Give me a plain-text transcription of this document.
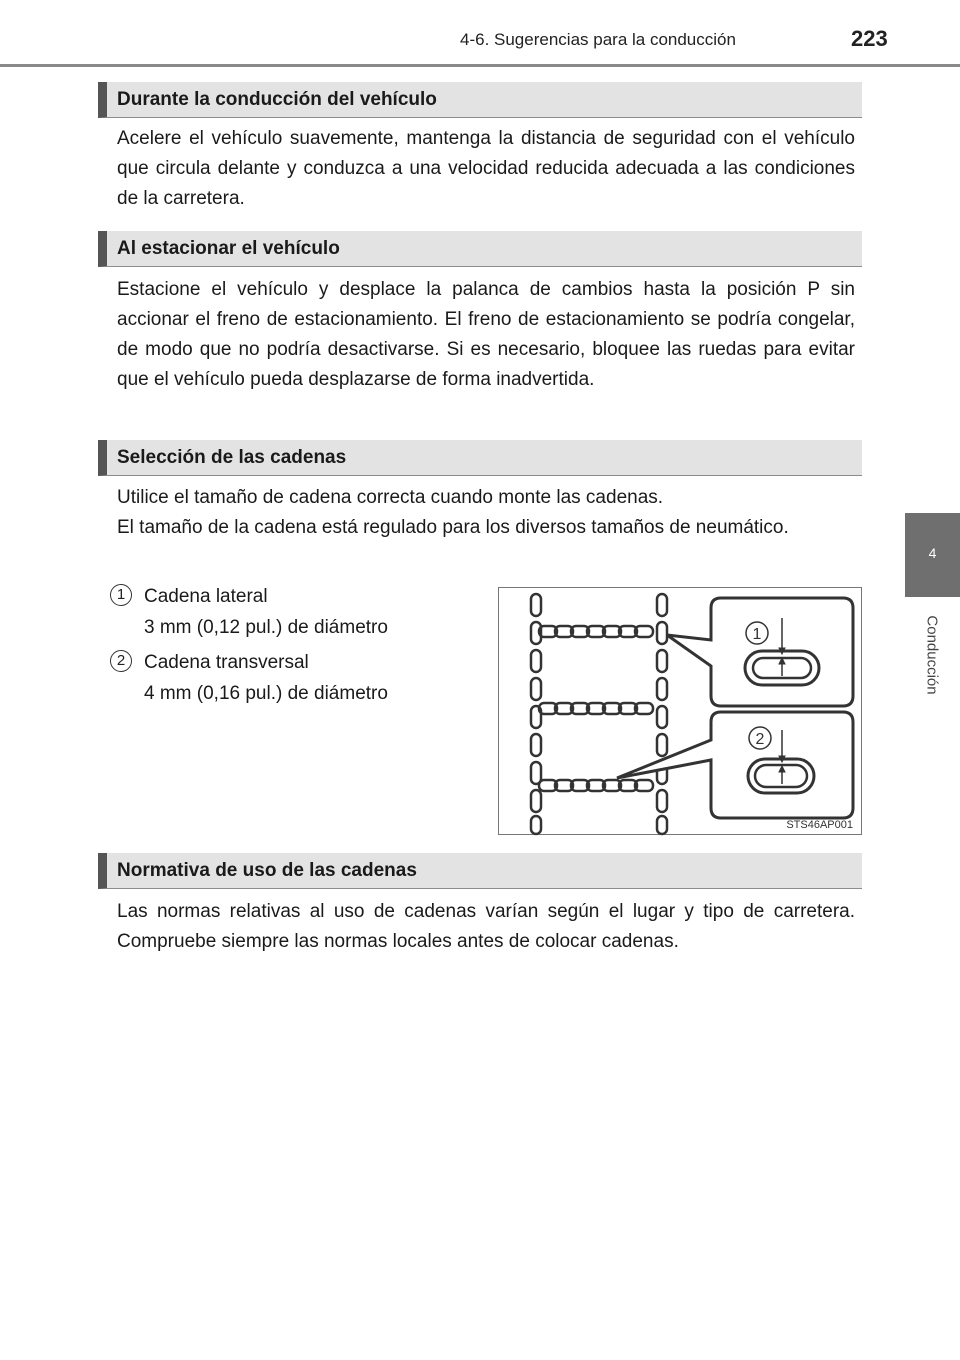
4-6. Sugerencias para la conducción	223
4
Conducción
Durante la conducción del vehículo

Acelere el vehículo suavemente, mantenga la distancia de seguridad con el vehículo que circula delante y conduzca a una velocidad reducida adecuada a las condiciones de la carretera.

Al estacionar el vehículo

Estacione el vehículo y desplace la palanca de cambios hasta la posición P sin accionar el freno de estacionamiento. El freno de estacionamiento se podría congelar, de modo que no podría desactivarse. Si es necesario, bloquee las ruedas para evitar que el vehículo pueda desplazarse de forma inadvertida.

Selección de las cadenas

Utilice el tamaño de cadena correcta cuando monte las cadenas.

El tamaño de la cadena está regulado para los diversos tamaños de neumático.

1 Cadena lateral
3 mm (0,12 pul.) de diámetro
2 Cadena transversal
4 mm (0,16 pul.) de diámetro
1
2
STS46AP001
Normativa de uso de las cadenas

Las normas relativas al uso de cadenas varían según el lugar y tipo de carretera. Compruebe siempre las normas locales antes de colocar cadenas.
